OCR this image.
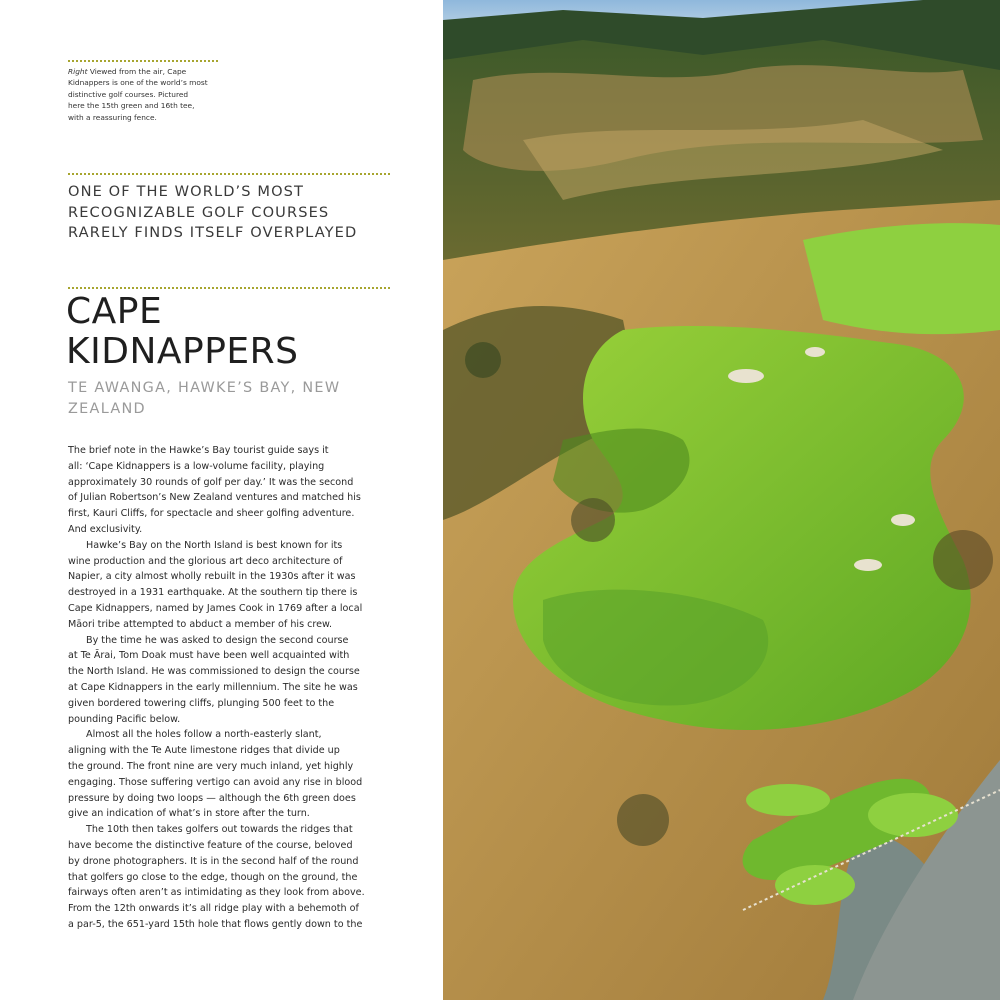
Right Viewed from the air, Cape
Kidnappers is one of the world’s most
distinctive golf courses. Pictured
here the 15th green and 16th tee,
with a reassuring fence.
ONE OF THE WORLD’S MOST
RECOGNIZABLE GOLF COURSES
RARELY FINDS ITSELF OVERPLAYED
CAPE
KIDNAPPERS
TE AWANGA, HAWKE’S BAY, NEW
ZEALAND
The brief note in the Hawke’s Bay tourist guide says it
all: ‘Cape Kidnappers is a low-volume facility, playing
approximately 30 rounds of golf per day.’ It was the second
of Julian Robertson’s New Zealand ventures and matched his
first, Kauri Cliffs, for spectacle and sheer golfing adventure.
And exclusivity.
Hawke’s Bay on the North Island is best known for its
wine production and the glorious art deco architecture of
Napier, a city almost wholly rebuilt in the 1930s after it was
destroyed in a 1931 earthquake. At the southern tip there is
Cape Kidnappers, named by James Cook in 1769 after a local
Māori tribe attempted to abduct a member of his crew.
By the time he was asked to design the second course
at Te Ārai, Tom Doak must have been well acquainted with
the North Island. He was commissioned to design the course
at Cape Kidnappers in the early millennium. The site he was
given bordered towering cliffs, plunging 500 feet to the
pounding Pacific below.
Almost all the holes follow a north-easterly slant,
aligning with the Te Aute limestone ridges that divide up
the ground. The front nine are very much inland, yet highly
engaging. Those suffering vertigo can avoid any rise in blood
pressure by doing two loops — although the 6th green does
give an indication of what’s in store after the turn.
The 10th then takes golfers out towards the ridges that
have become the distinctive feature of the course, beloved
by drone photographers. It is in the second half of the round
that golfers go close to the edge, though on the ground, the
fairways often aren’t as intimidating as they look from above.
From the 12th onwards it’s all ridge play with a behemoth of
a par-5, the 651-yard 15th hole that flows gently down to the
